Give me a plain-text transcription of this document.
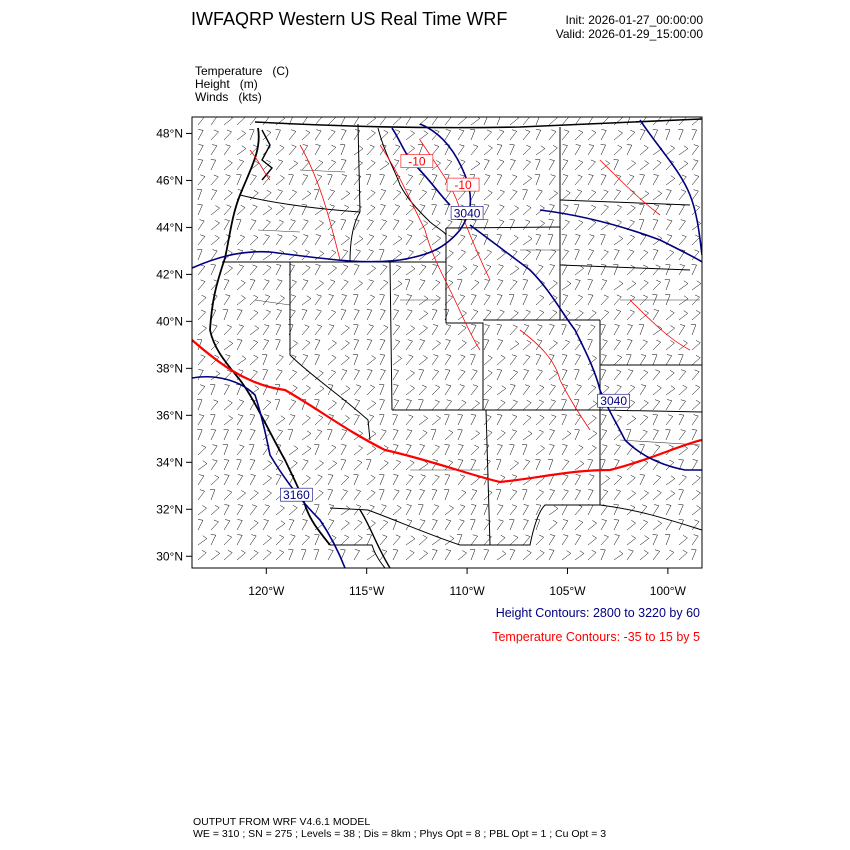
IWFAQRP Western US Real Time WRF	Init: 2026-01-27_00:00:00
Valid: 2026-01-29_15:00:00
Temperature (C)
Height (m)
Winds (kts)
48°N
46°N
44°N
42°N
40°N
38°N
36°N
34°N
32°N
30°N
120°W	115°W	110°W	105°W	100°W
3040
3040
3160
-10
-10
Height Contours: 2800 to 3220 by 60
Temperature Contours: -35 to 15 by 5
OUTPUT FROM WRF V4.6.1 MODEL
WE = 310 ; SN = 275 ; Levels = 38 ; Dis = 8km ; Phys Opt = 8 ; PBL Opt = 1 ; Cu Opt = 3
